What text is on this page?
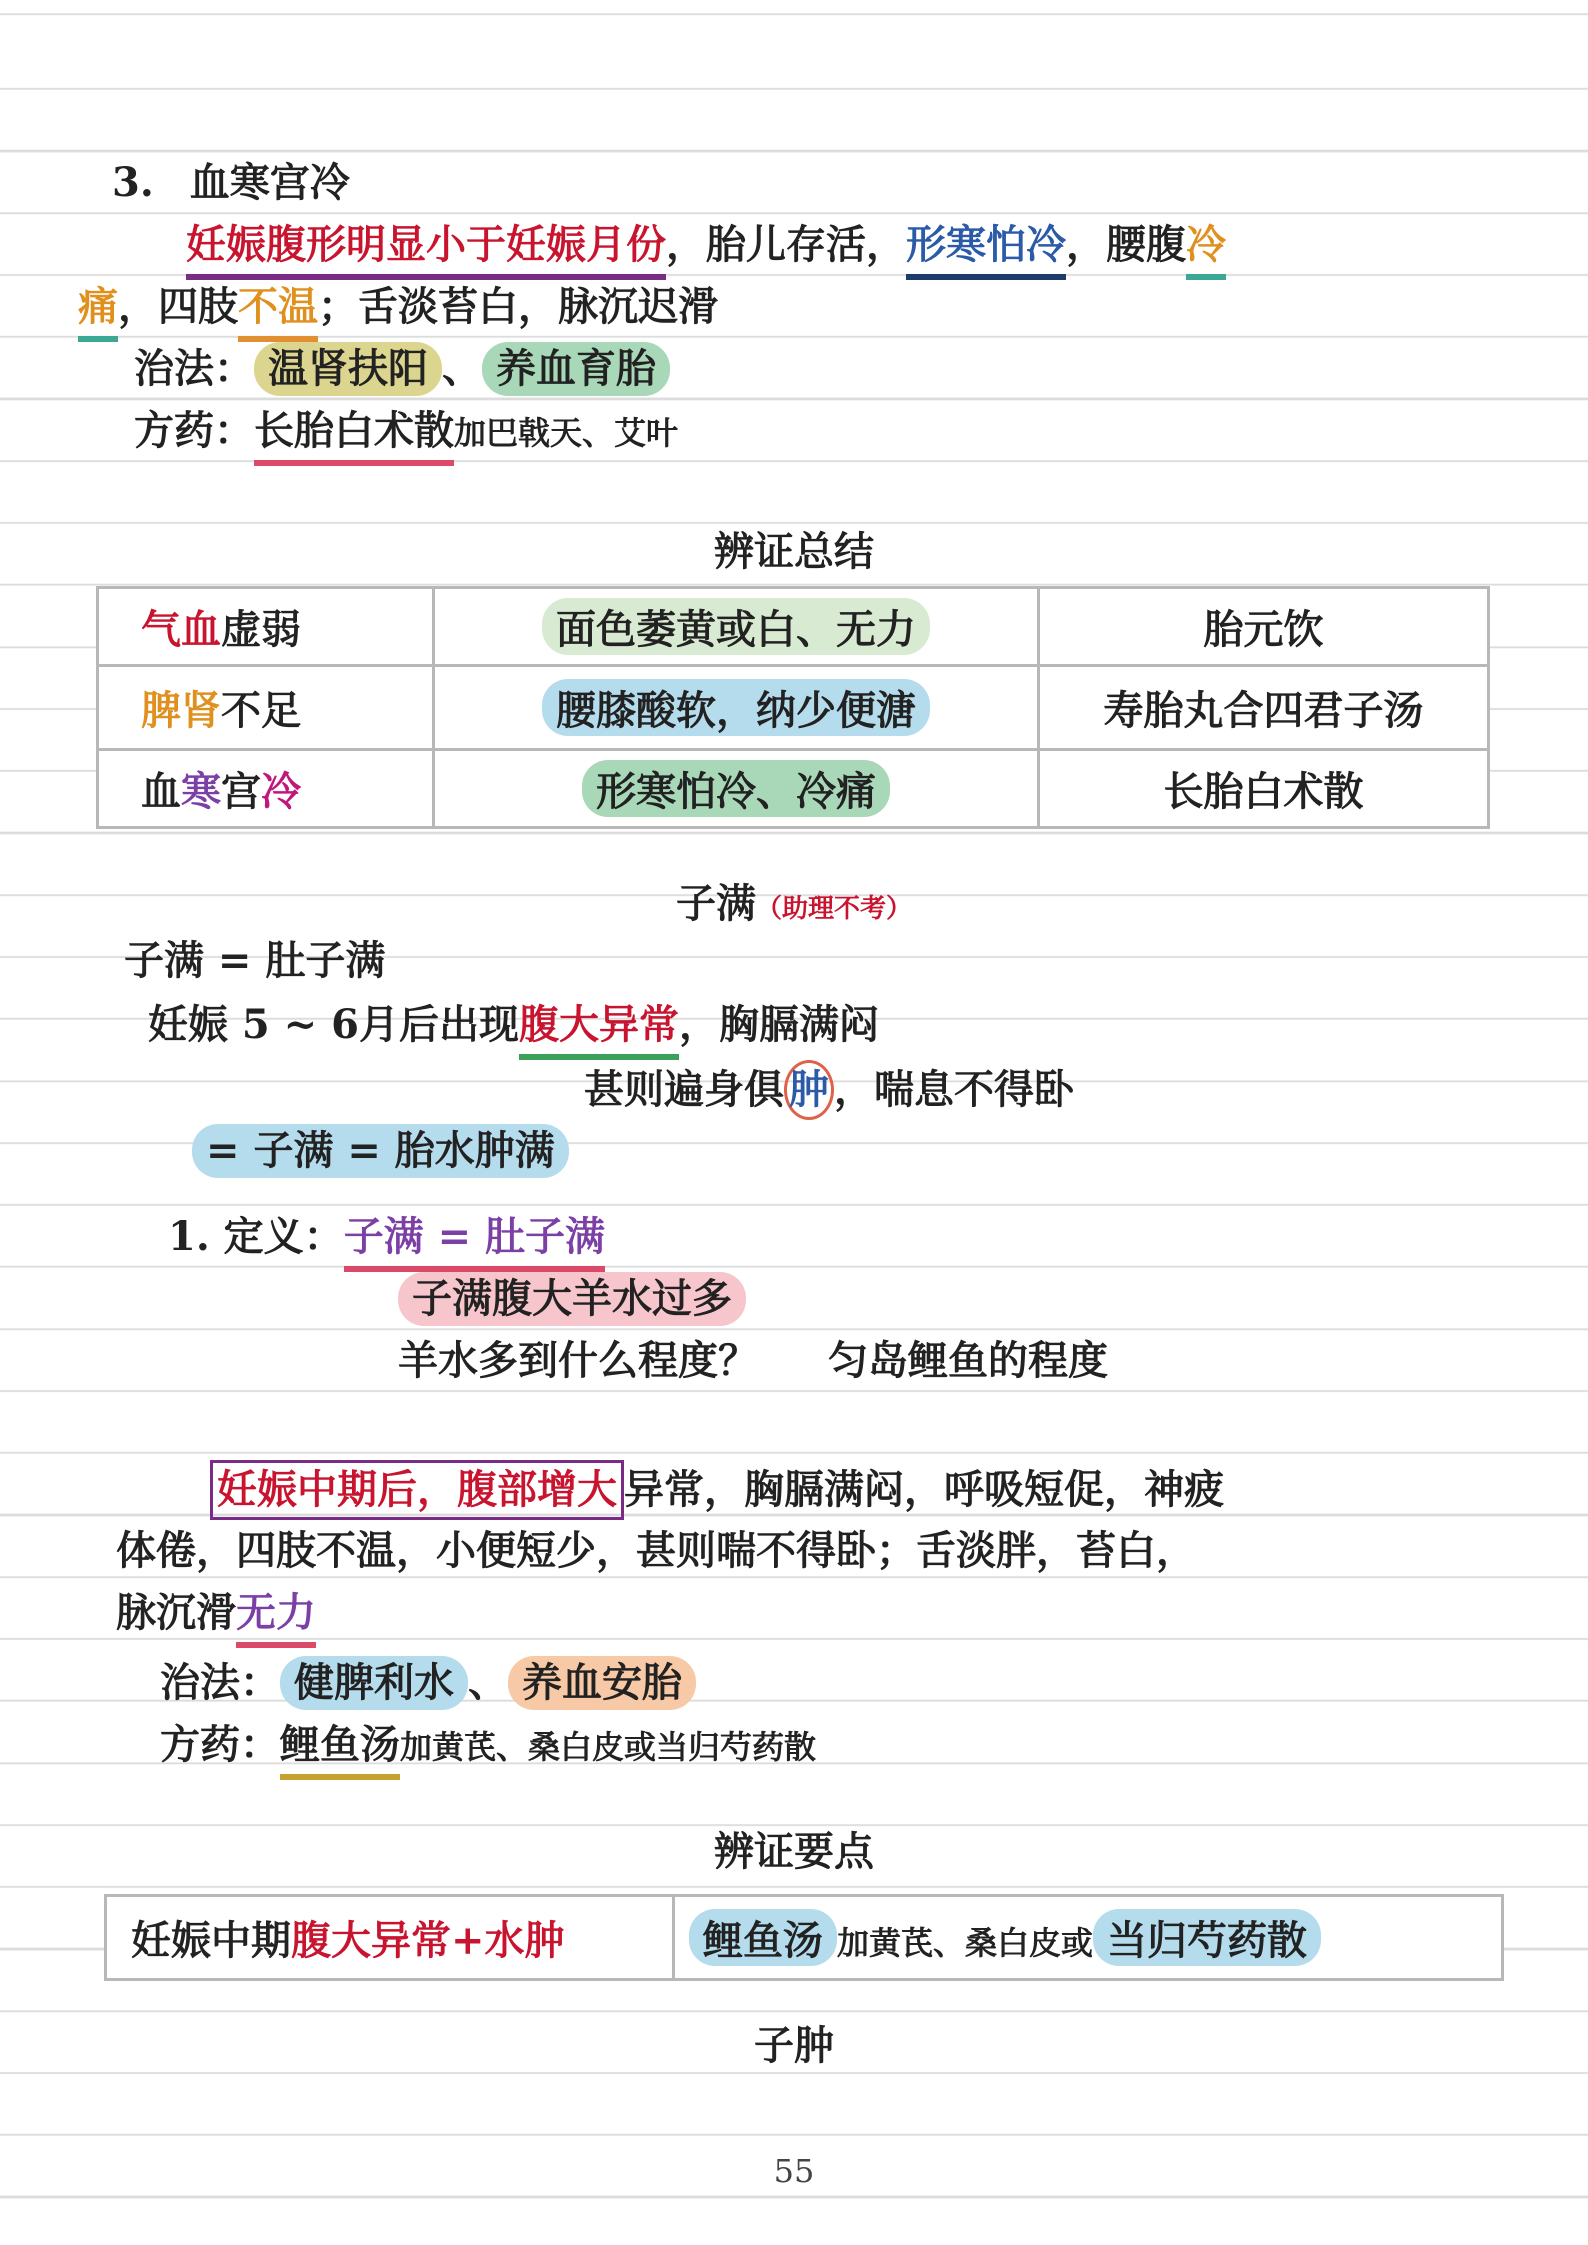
3. 血寒宫冷
妊娠腹形明显小于妊娠月份，胎儿存活，形寒怕冷，腰腹冷
痛，四肢不温；舌淡苔白，脉沉迟滑
治法： 温肾扶阳 、 养血育胎
方药：长胎白术散加巴戟天、艾叶
辨证总结
气血虚弱	面色萎黄或白、无力	胎元饮
脾肾不足	腰膝酸软，纳少便溏	寿胎丸合四君子汤
血寒宫冷	形寒怕冷、冷痛	长胎白术散
子满（助理不考）
子满 = 肚子满
妊娠 5 ~ 6月后出现腹大异常，胸膈满闷
甚则遍身俱 肿 ，喘息不得卧
= 子满 = 胎水肿满
1. 定义：子满 = 肚子满
子满腹大羊水过多
羊水多到什么程度？ 匀岛鲤鱼的程度
妊娠中期后，腹部增大 异常，胸膈满闷，呼吸短促，神疲
体倦，四肢不温，小便短少，甚则喘不得卧；舌淡胖，苔白，
脉沉滑无力
治法： 健脾利水 、 养血安胎
方药：鲤鱼汤加黄芪、桑白皮或当归芍药散
辨证要点
妊娠中期腹大异常+水肿	鲤鱼汤 加黄芪、桑白皮或 当归芍药散
子肿
55
